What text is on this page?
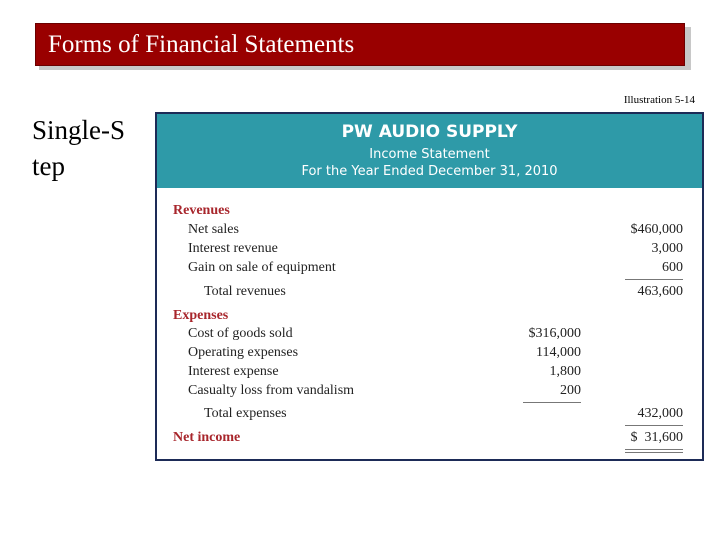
Forms of Financial Statements
Illustration 5-14
Single-Step
PW AUDIO SUPPLY
Income Statement
For the Year Ended December 31, 2010
Revenues
Net sales	$460,000
Interest revenue	3,000
Gain on sale of equipment	600
Total revenues	463,600
Expenses
Cost of goods sold	$316,000
Operating expenses	114,000
Interest expense	1,800
Casualty loss from vandalism	200
Total expenses	432,000
Net income	$  31,600
